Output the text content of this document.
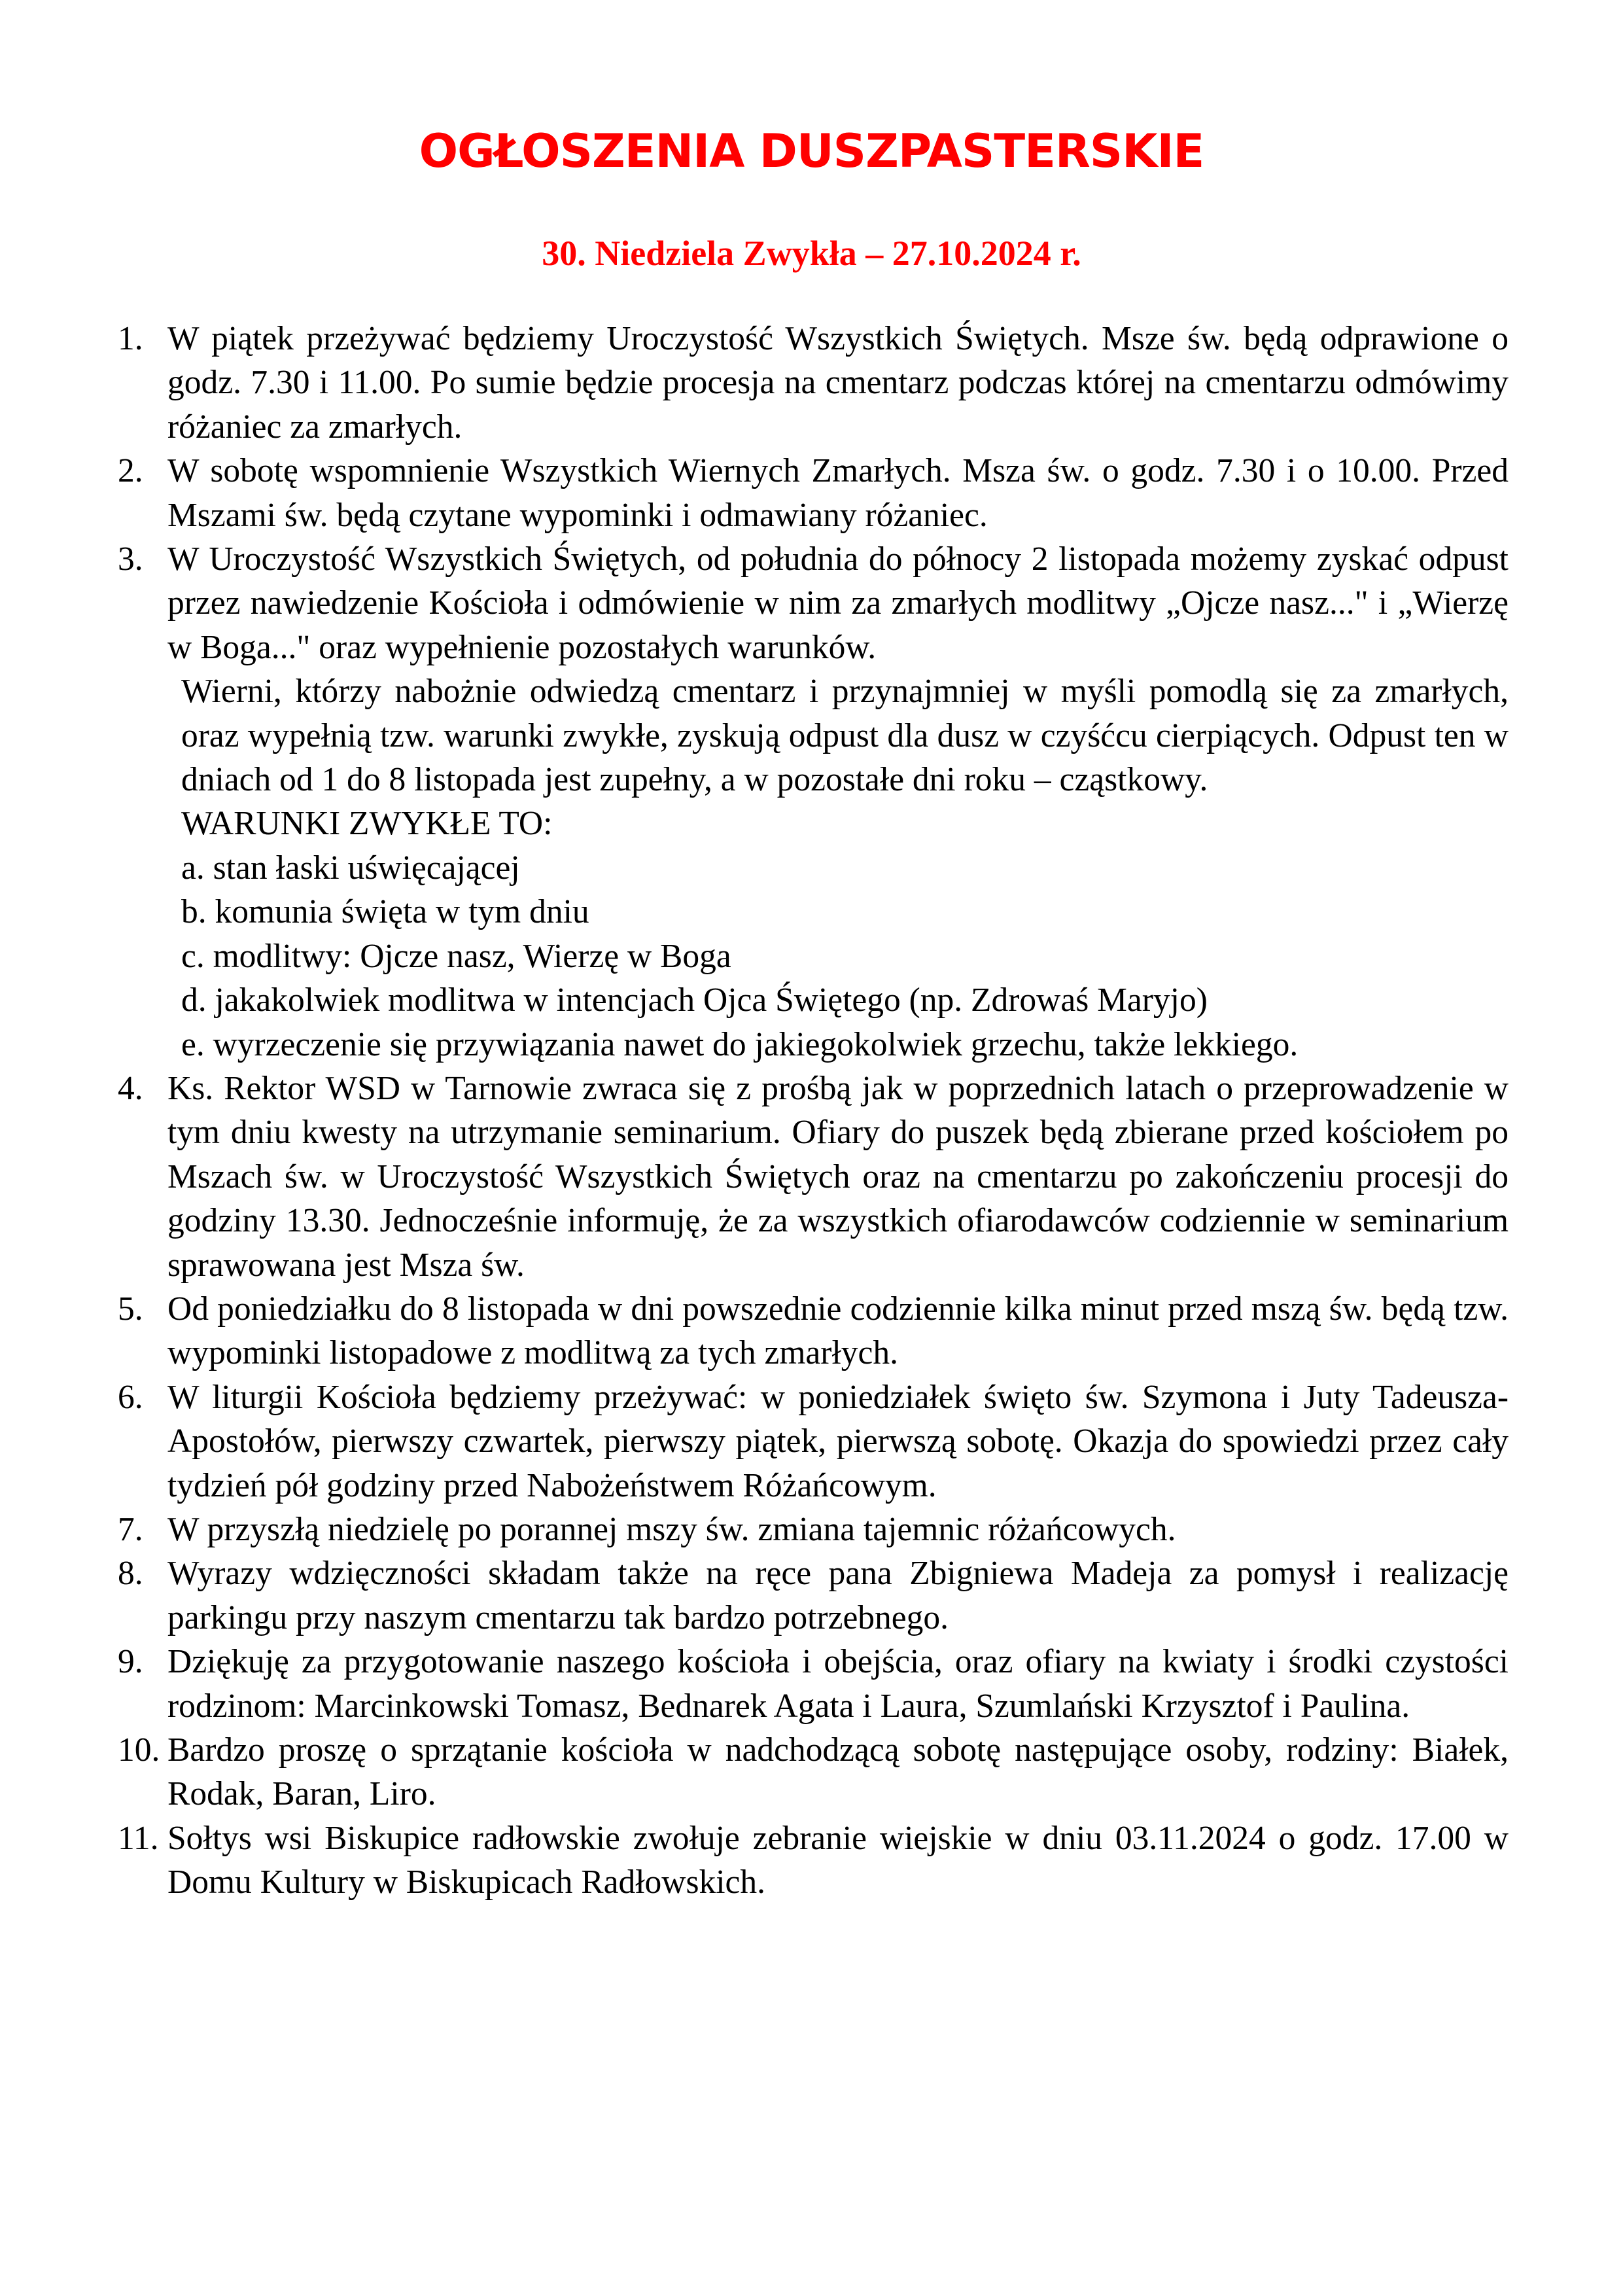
OGŁOSZENIA DUSZPASTERSKIE
30. Niedziela Zwykła – 27.10.2024 r.
1. W piątek przeżywać będziemy Uroczystość Wszystkich Świętych. Msze św. będą odprawione o godz. 7.30 i 11.00. Po sumie będzie procesja na cmentarz podczas której na cmentarzu odmówimy różaniec za zmarłych.

2. W sobotę wspomnienie Wszystkich Wiernych Zmarłych. Msza św. o godz. 7.30 i o 10.00. Przed Mszami św. będą czytane wypominki i odmawiany różaniec.

3. W Uroczystość Wszystkich Świętych, od południa do północy 2 listopada możemy zyskać odpust przez nawiedzenie Kościoła i odmówienie w nim za zmarłych modlitwy „Ojcze nasz..." i „Wierzę w Boga..." oraz wypełnienie pozostałych warunków.

Wierni, którzy nabożnie odwiedzą cmentarz i przynajmniej w myśli pomodlą się za zmarłych, oraz wypełnią tzw. warunki zwykłe, zyskują odpust dla dusz w czyśćcu cierpiących. Odpust ten w dniach od 1 do 8 listopada jest zupełny, a w pozostałe dni roku – cząstkowy.

WARUNKI ZWYKŁE TO:

a. stan łaski uświęcającej

b. komunia święta w tym dniu

c. modlitwy: Ojcze nasz, Wierzę w Boga

d. jakakolwiek modlitwa w intencjach Ojca Świętego (np. Zdrowaś Maryjo)

e. wyrzeczenie się przywiązania nawet do jakiegokolwiek grzechu, także lekkiego.

4. Ks. Rektor WSD w Tarnowie zwraca się z prośbą jak w poprzednich latach o przeprowadzenie w tym dniu kwesty na utrzymanie seminarium. Ofiary do puszek będą zbierane przed kościołem po Mszach św. w Uroczystość Wszystkich Świętych oraz na cmentarzu po zakończeniu procesji do godziny 13.30. Jednocześnie informuję, że za wszystkich ofiarodawców codziennie w seminarium sprawowana jest Msza św.

5. Od poniedziałku do 8 listopada w dni powszednie codziennie kilka minut przed mszą św. będą tzw. wypominki listopadowe z modlitwą za tych zmarłych.

6. W liturgii Kościoła będziemy przeżywać: w poniedziałek święto św. Szymona i Juty Tadeusza-Apostołów, pierwszy czwartek, pierwszy piątek, pierwszą sobotę. Okazja do spowiedzi przez cały tydzień pół godziny przed Nabożeństwem Różańcowym.

7. W przyszłą niedzielę po porannej mszy św. zmiana tajemnic różańcowych.

8. Wyrazy wdzięczności składam także na ręce pana Zbigniewa Madeja za pomysł i realizację parkingu przy naszym cmentarzu tak bardzo potrzebnego.

9. Dziękuję za przygotowanie naszego kościoła i obejścia, oraz ofiary na kwiaty i środki czystości rodzinom: Marcinkowski Tomasz, Bednarek Agata i Laura, Szumlański Krzysztof i Paulina.

10. Bardzo proszę o sprzątanie kościoła w nadchodzącą sobotę następujące osoby, rodziny: Białek, Rodak, Baran, Liro.

11. Sołtys wsi Biskupice radłowskie zwołuje zebranie wiejskie w dniu 03.11.2024 o godz. 17.00 w Domu Kultury w Biskupicach Radłowskich.
